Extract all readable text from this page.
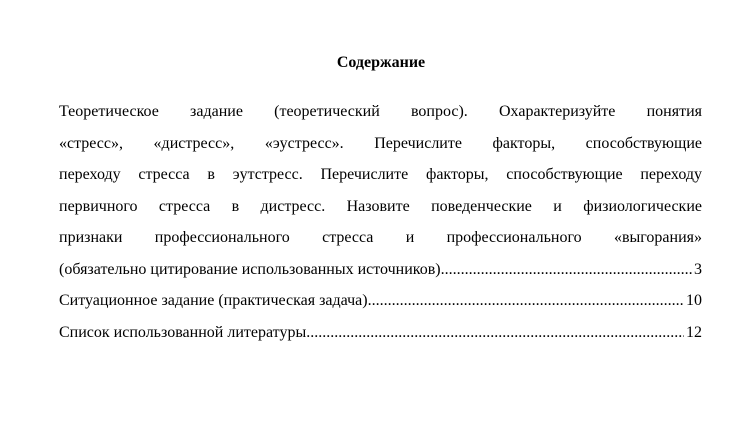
Содержание
Теоретическое задание (теоретический вопрос). Охарактеризуйте понятия
«стресс», «дистресс», «эустресс». Перечислите факторы, способствующие
переходу стресса в эутстресс. Перечислите факторы, способствующие переходу
первичного стресса в дистресс. Назовите поведенческие и физиологические
признаки профессионального стресса и профессионального «выгорания»
(обязательно цитирование использованных источников) .....	3
Ситуационное задание (практическая задача) .....	10
Список использованной литературы .....	12
